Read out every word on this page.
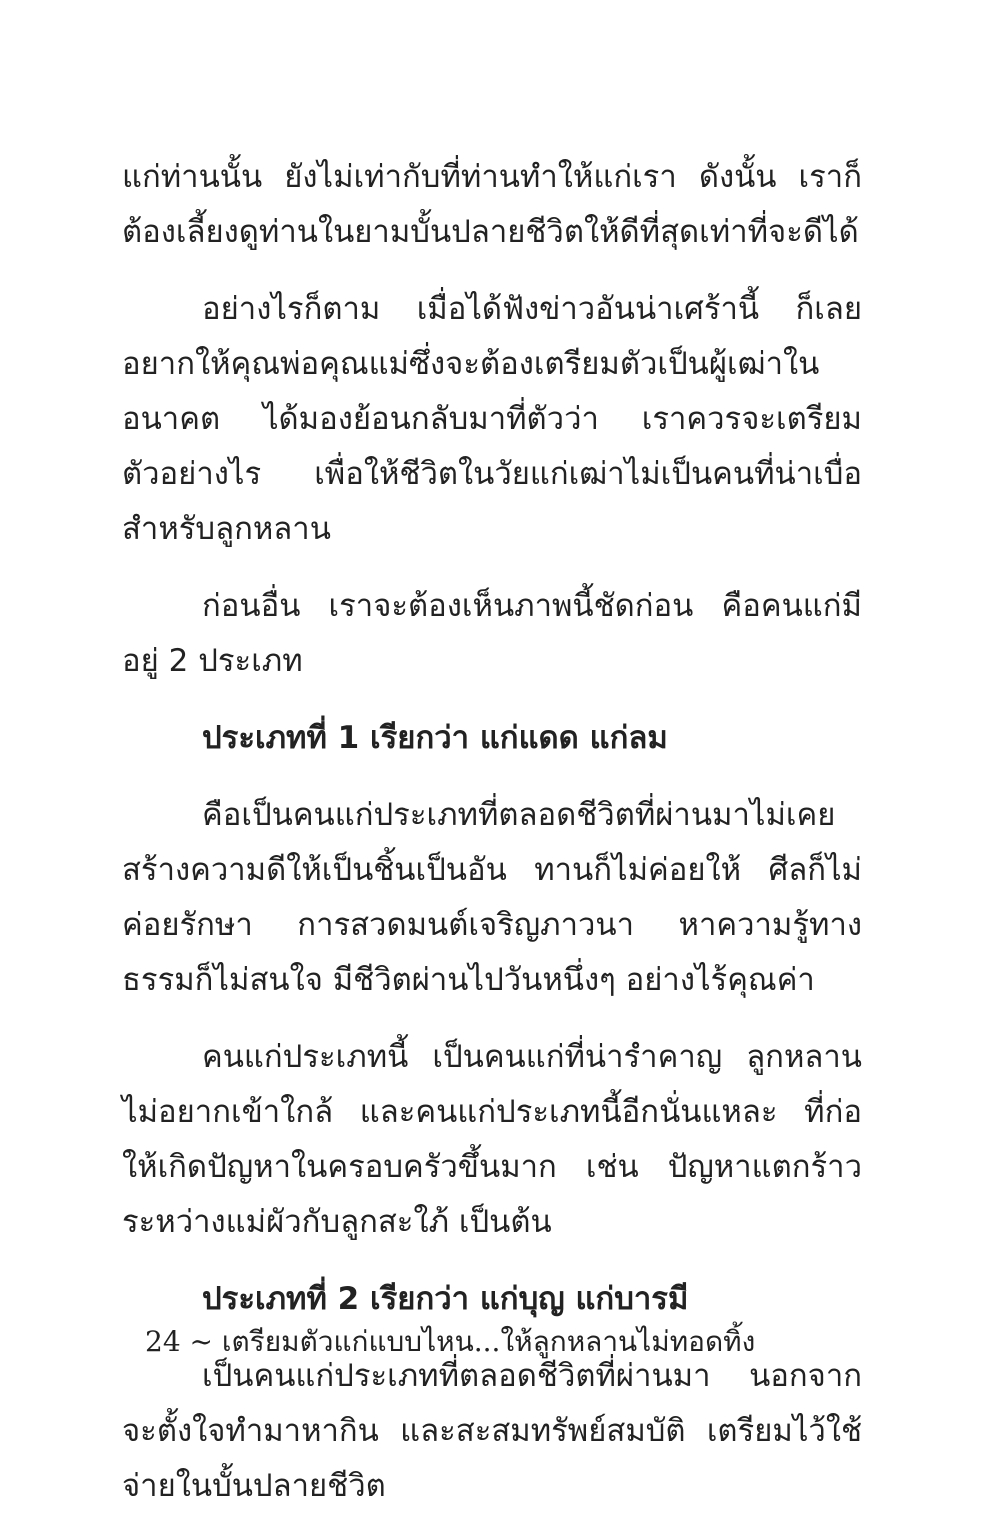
แก่ท่านนั้น ยังไม่เท่ากับที่ท่านทำให้แก่เรา ดังนั้น เราก็ต้องเลี้ยงดูท่านในยามบั้นปลายชีวิตให้ดีที่สุดเท่าที่จะดีได้

อย่างไรก็ตาม เมื่อได้ฟังข่าวอันน่าเศร้านี้ ก็เลยอยากให้คุณพ่อคุณแม่ซึ่งจะต้องเตรียมตัวเป็นผู้เฒ่าในอนาคต ได้มองย้อนกลับมาที่ตัวว่า เราควรจะเตรียมตัวอย่างไร เพื่อให้ชีวิตในวัยแก่เฒ่าไม่เป็นคนที่น่าเบื่อสำหรับลูกหลาน

ก่อนอื่น เราจะต้องเห็นภาพนี้ชัดก่อน คือคนแก่มีอยู่ 2 ประเภท

ประเภทที่ 1 เรียกว่า แก่แดด แก่ลม

คือเป็นคนแก่ประเภทที่ตลอดชีวิตที่ผ่านมาไม่เคยสร้างความดีให้เป็นชิ้นเป็นอัน ทานก็ไม่ค่อยให้ ศีลก็ไม่ค่อยรักษา การสวดมนต์เจริญภาวนา หาความรู้ทางธรรมก็ไม่สนใจ มีชีวิตผ่านไปวันหนึ่งๆ อย่างไร้คุณค่า

คนแก่ประเภทนี้ เป็นคนแก่ที่น่ารำคาญ ลูกหลานไม่อยากเข้าใกล้ และคนแก่ประเภทนี้อีกนั่นแหละ ที่ก่อให้เกิดปัญหาในครอบครัวขึ้นมาก เช่น ปัญหาแตกร้าวระหว่างแม่ผัวกับลูกสะใภ้ เป็นต้น

ประเภทที่ 2 เรียกว่า แก่บุญ แก่บารมี

เป็นคนแก่ประเภทที่ตลอดชีวิตที่ผ่านมา นอกจากจะตั้งใจทำมาหากิน และสะสมทรัพย์สมบัติ เตรียมไว้ใช้จ่ายในบั้นปลายชีวิต

24 ~ เตรียมตัวแก่แบบไหน...ให้ลูกหลานไม่ทอดทิ้ง
